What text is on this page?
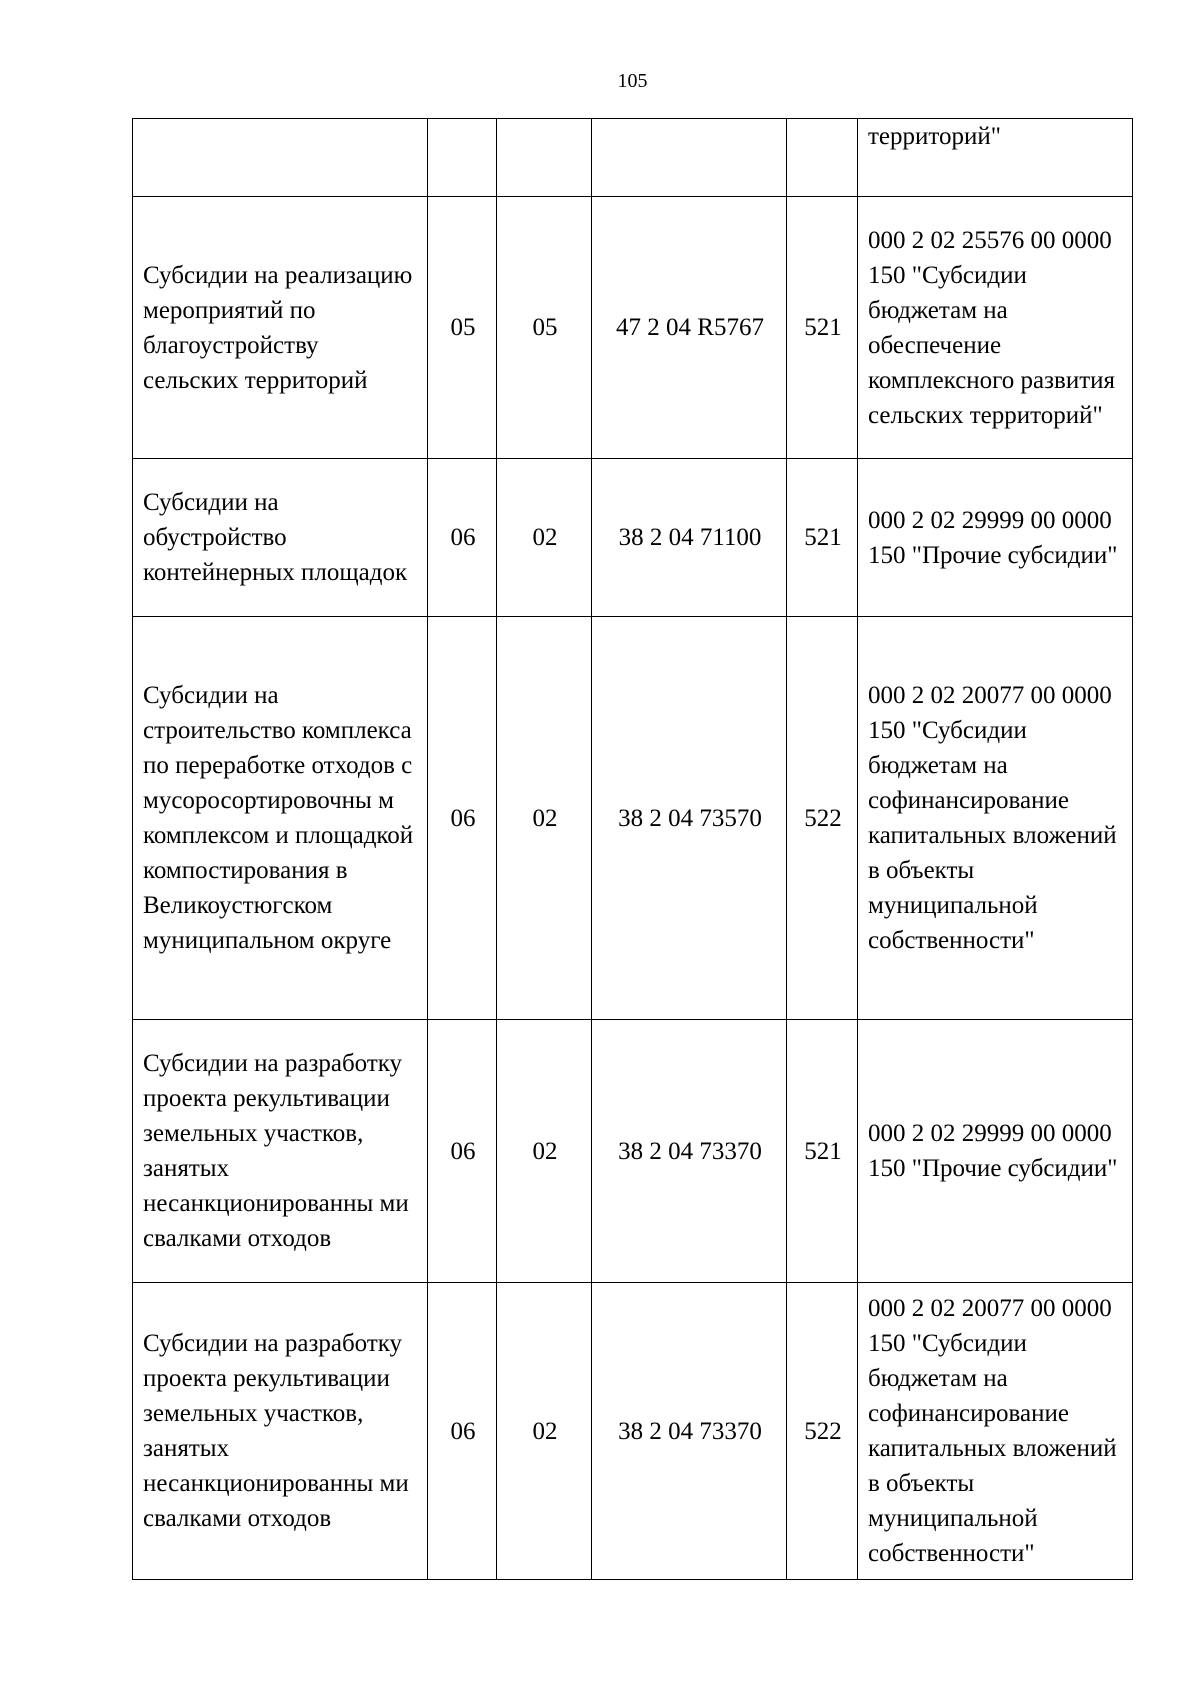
105
					территорий"
Субсидии на реализацию мероприятий по благоустройству сельских территорий	05	05	47 2 04 R5767	521	000 2 02 25576 00 0000 150 "Субсидии бюджетам на обеспечение комплексного развития сельских территорий"
Субсидии на обустройство контейнерных площадок	06	02	38 2 04 71100	521	000 2 02 29999 00 0000 150 "Прочие субсидии"
Субсидии на строительство комплекса по переработке отходов с мусоросортировочны м комплексом и площадкой компостирования в Великоустюгском муниципальном округе	06	02	38 2 04 73570	522	000 2 02 20077 00 0000 150 "Субсидии бюджетам на софинансирование капитальных вложений в объекты муниципальной собственности"
Субсидии на разработку проекта рекультивации земельных участков, занятых несанкционированны ми свалками отходов	06	02	38 2 04 73370	521	000 2 02 29999 00 0000 150 "Прочие субсидии"
Субсидии на разработку проекта рекультивации земельных участков, занятых несанкционированны ми свалками отходов	06	02	38 2 04 73370	522	000 2 02 20077 00 0000 150 "Субсидии бюджетам на софинансирование капитальных вложений в объекты муниципальной собственности"
